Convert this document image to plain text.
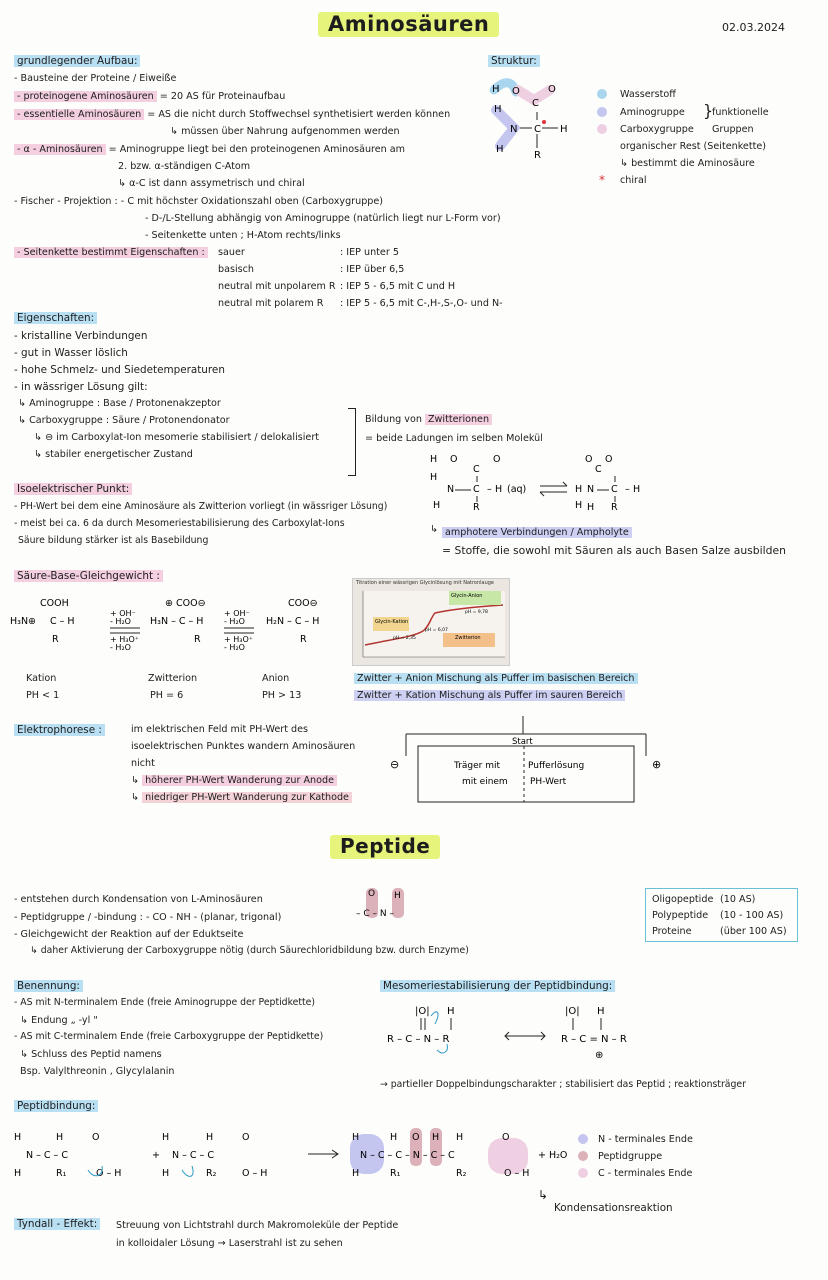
Aminosäuren	02.03.2024
grundlegender Aufbau:
- Bausteine der Proteine / Eiweiße
- proteinogene Aminosäuren = 20 AS für Proteinaufbau
- essentielle Aminosäuren = AS die nicht durch Stoffwechsel synthetisiert werden können
↳ müssen über Nahrung aufgenommen werden
- α - Aminosäuren = Aminogruppe liegt bei den proteinogenen Aminosäuren am
2. bzw. α-ständigen C-Atom
↳ α-C ist dann assymetrisch und chiral
- Fischer - Projektion : - C mit höchster Oxidationszahl oben (Carboxygruppe)
- D-/L-Stellung abhängig von Aminogruppe (natürlich liegt nur L-Form vor)
- Seitenkette unten ; H-Atom rechts/links
- Seitenkette bestimmt Eigenschaften :	sauer	: IEP unter 5
basisch	: IEP über 6,5
neutral mit unpolarem R : IEP 5 - 6,5 mit C und H
neutral mit polarem R : IEP 5 - 6,5 mit C-,H-,S-,O- und N-
Struktur:
H O
C
O
H
N C H
H
R
Wasserstoff
Aminogruppe
Carboxygruppe
}
funktionelle
Gruppen
organischer Rest (Seitenkette)
↳ bestimmt die Aminosäure
* chiral
Eigenschaften:
- kristalline Verbindungen
- gut in Wasser löslich
- hohe Schmelz- und Siedetemperaturen
- in wässriger Lösung gilt:
↳ Aminogruppe : Base / Protonenakzeptor
↳ Carboxygruppe : Säure / Protonendonator
↳ ⊖ im Carboxylat-Ion mesomerie stabilisiert / delokalisiert
↳ stabiler energetischer Zustand
Bildung von Zwitterionen
= beide Ladungen im selben Molekül
H O
C
O
H
N C – H (aq)
H	R
O O
C
H N C – H
H R
H
↳ amphotere Verbindungen / Ampholyte
= Stoffe, die sowohl mit Säuren als auch Basen Salze ausbilden
Isoelektrischer Punkt:
- PH-Wert bei dem eine Aminosäure als Zwitterion vorliegt (in wässriger Lösung)
- meist bei ca. 6 da durch Mesomeriestabilisierung des Carboxylat-Ions
Säure bildung stärker ist als Basebildung
Säure-Base-Gleichgewicht :
COOH
H₃N⊕ C – H
R
+ OH⁻
- H₂O
+ H₃O⁺
- H₂O
⊕ COO⊖
H₃N – C – H
R
+ OH⁻
- H₂O
+ H₃O⁺
- H₂O
COO⊖
H₂N – C – H
R
Kation
PH < 1
Zwitterion
PH = 6
Anion
PH > 13
Titration einer wässrigen Glycinlösung mit Natronlauge
Glycin-Kation
Glycin-Anion
Zwitterion
pH = 2,35
pH = 6,07
pH = 9,78
Zwitter + Anion Mischung als Puffer im basischen Bereich
Zwitter + Kation Mischung als Puffer im sauren Bereich
Elektrophorese :	im elektrischen Feld mit PH-Wert des
isoelektrischen Punktes wandern Aminosäuren
nicht
↳ höherer PH-Wert Wanderung zur Anode
↳ niedriger PH-Wert Wanderung zur Kathode
Start
⊖	⊕
Träger mit
mit einem
Pufferlösung
PH-Wert
Peptide
- entstehen durch Kondensation von L-Aminosäuren
- Peptidgruppe / -bindung : - CO - NH - (planar, trigonal)
- Gleichgewicht der Reaktion auf der Eduktseite
↳ daher Aktivierung der Carboxygruppe nötig (durch Säurechloridbildung bzw. durch Enzyme)
O H
– C – N –
Oligopeptide (10 AS)
Polypeptide (10 - 100 AS)
Proteine	(über 100 AS)
Benennung:
- AS mit N-terminalem Ende (freie Aminogruppe der Peptidkette)
↳ Endung „ -yl "
- AS mit C-terminalem Ende (freie Carboxygruppe der Peptidkette)
↳ Schluss des Peptid namens
Bsp. Valylthreonin , Glycylalanin
Mesomeriestabilisierung der Peptidbindung:
|O| H
R – C – N – R
|O| H
R – C = N – R
⊕
→ partieller Doppelbindungscharakter ; stabilisiert das Peptid ; reaktionsträger
Peptidbindung:
H	H	O
N – C – C
H	R₁	O – H
H	H	O
N – C – C
H	R₂	O – H
+
H	H O H H	O
N – C – C – N – C – C
H	R₁	R₂	O – H
+ H₂O
N - terminales Ende
Peptidgruppe
C - terminales Ende
↳
Kondensationsreaktion
Tyndall - Effekt:	Streuung von Lichtstrahl durch Makromoleküle der Peptide
in kolloidaler Lösung → Laserstrahl ist zu sehen
